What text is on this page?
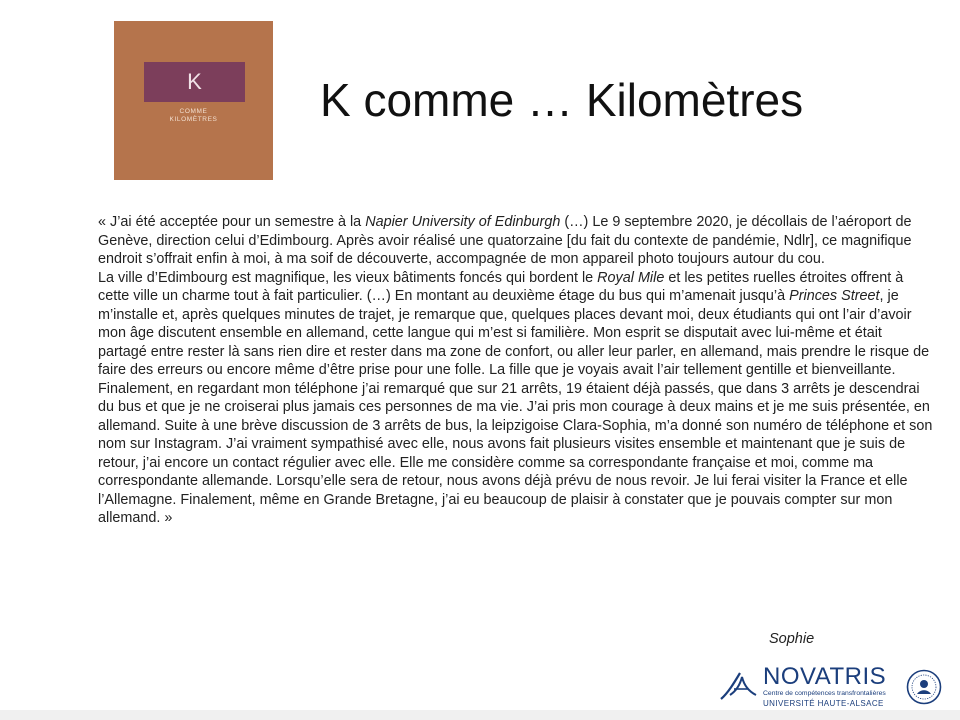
K
COMME
KILOMÈTRES	K comme … Kilomètres

« J’ai été acceptée pour un semestre à la Napier University of Edinburgh (…) Le 9 septembre 2020, je décollais de l’aéroport de Genève, direction celui d’Edimbourg. Après avoir réalisé une quatorzaine [du fait du contexte de pandémie, Ndlr], ce magnifique endroit s’offrait enfin à moi, à ma soif de découverte, accompagnée de mon appareil photo toujours autour du cou.

La ville d’Edimbourg est magnifique, les vieux bâtiments foncés qui bordent le Royal Mile et les petites ruelles étroites offrent à cette ville un charme tout à fait particulier. (…) En montant au deuxième étage du bus qui m’amenait jusqu’à Princes Street, je m’installe et, après quelques minutes de trajet, je remarque que, quelques places devant moi, deux étudiants qui ont l’air d’avoir mon âge discutent ensemble en allemand, cette langue qui m’est si familière. Mon esprit se disputait avec lui-même et était partagé entre rester là sans rien dire et rester dans ma zone de confort, ou aller leur parler, en allemand, mais prendre le risque de faire des erreurs ou encore même d’être prise pour une folle. La fille que je voyais avait l’air tellement gentille et bienveillante. Finalement, en regardant mon téléphone j’ai remarqué que sur 21 arrêts, 19 étaient déjà passés, que dans 3 arrêts je descendrai du bus et que je ne croiserai plus jamais ces personnes de ma vie. J’ai pris mon courage à deux mains et je me suis présentée, en allemand. Suite à une brève discussion de 3 arrêts de bus, la leipzigoise Clara-Sophia, m’a donné son numéro de téléphone et son nom sur Instagram. J’ai vraiment sympathisé avec elle, nous avons fait plusieurs visites ensemble et maintenant que je suis de retour, j’ai encore un contact régulier avec elle. Elle me considère comme sa correspondante française et moi, comme ma correspondante allemande. Lorsqu’elle sera de retour, nous avons déjà prévu de nous revoir. Je lui ferai visiter la France et elle l’Allemagne. Finalement, même en Grande Bretagne, j’ai eu beaucoup de plaisir à constater que je pouvais compter sur mon allemand. »

Sophie
NOVATRIS
Centre de compétences transfrontalières
UNIVERSITÉ HAUTE-ALSACE
